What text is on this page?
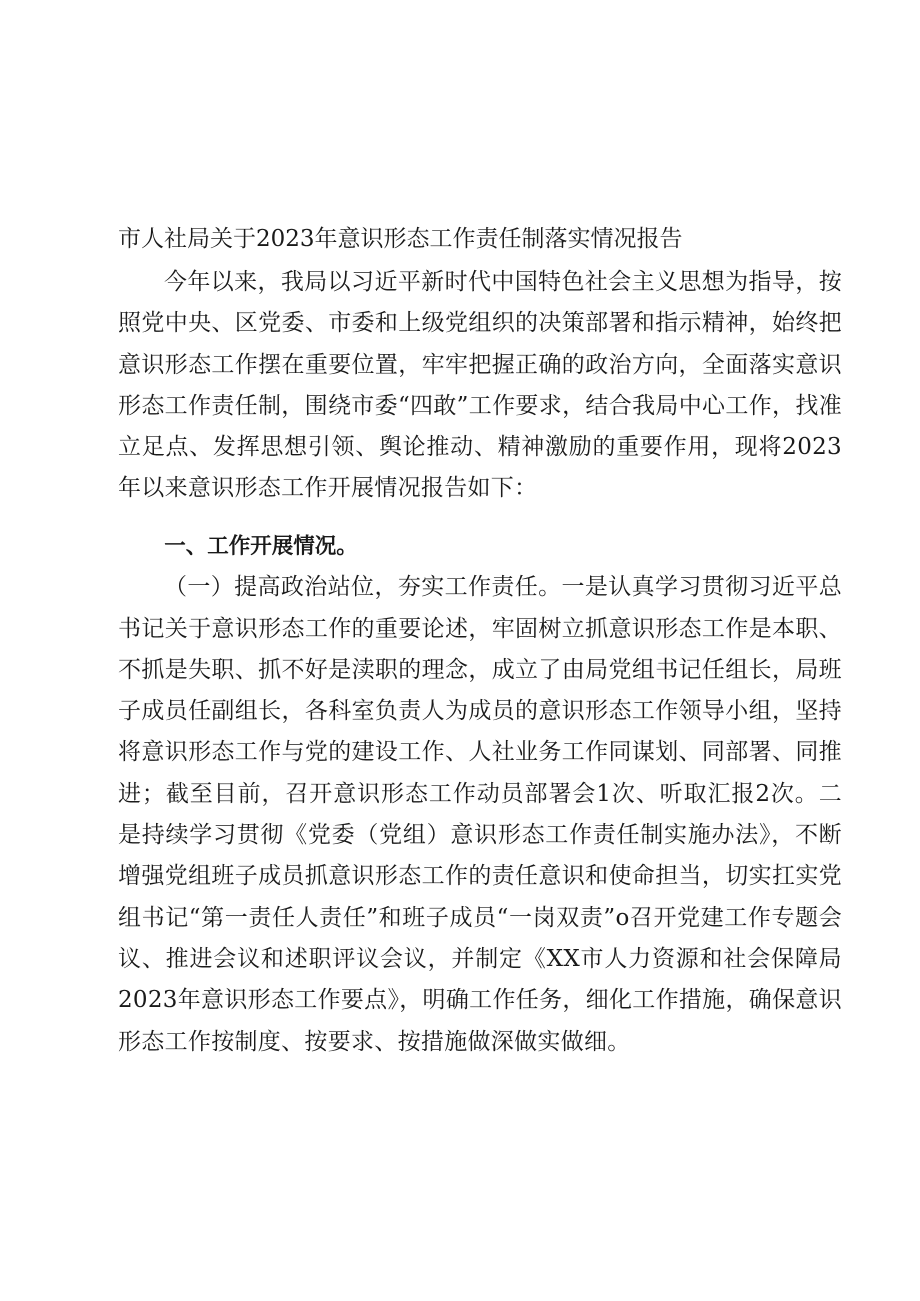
市人社局关于2023年意识形态工作责任制落实情况报告

今年以来，我局以习近平新时代中国特色社会主义思想为指导，按照党中央、区党委、市委和上级党组织的决策部署和指示精神，始终把意识形态工作摆在重要位置，牢牢把握正确的政治方向，全面落实意识形态工作责任制，围绕市委“四敢”工作要求，结合我局中心工作，找准立足点、发挥思想引领、舆论推动、精神激励的重要作用，现将2023年以来意识形态工作开展情况报告如下：

一、工作开展情况。

（一）提高政治站位，夯实工作责任。一是认真学习贯彻习近平总书记关于意识形态工作的重要论述，牢固树立抓意识形态工作是本职、不抓是失职、抓不好是渎职的理念，成立了由局党组书记任组长，局班子成员任副组长，各科室负责人为成员的意识形态工作领导小组，坚持将意识形态工作与党的建设工作、人社业务工作同谋划、同部署、同推进；截至目前，召开意识形态工作动员部署会1次、听取汇报2次。二是持续学习贯彻《党委（党组）意识形态工作责任制实施办法》，不断增强党组班子成员抓意识形态工作的责任意识和使命担当，切实扛实党组书记“第一责任人责任”和班子成员“一岗双责”o召开党建工作专题会议、推进会议和述职评议会议，并制定《XX市人力资源和社会保障局2023年意识形态工作要点》，明确工作任务，细化工作措施，确保意识形态工作按制度、按要求、按措施做深做实做细。
